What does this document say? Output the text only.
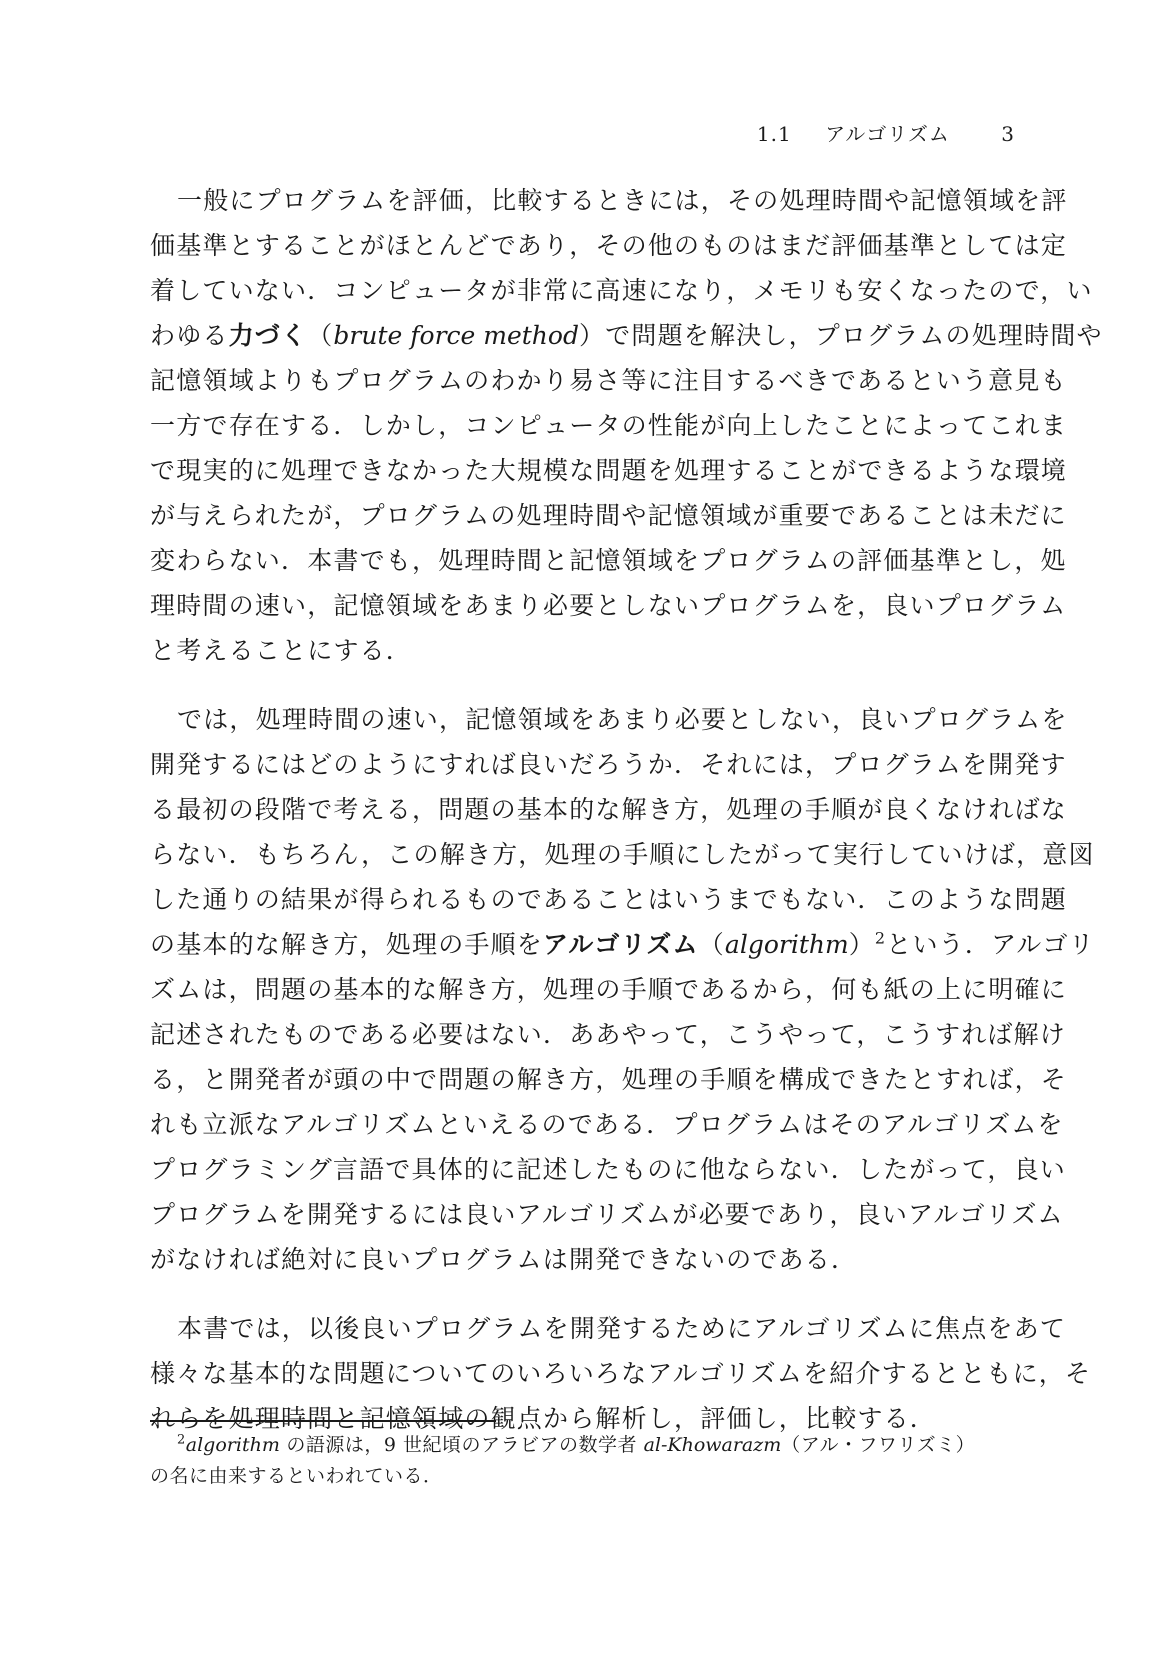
1.1 アルゴリズム	3
一般にプログラムを評価，比較するときには，その処理時間や記憶領域を評
価基準とすることがほとんどであり，その他のものはまだ評価基準としては定
着していない．コンピュータが非常に高速になり，メモリも安くなったので，い
わゆる力づく（brute force method）で問題を解決し，プログラムの処理時間や
記憶領域よりもプログラムのわかり易さ等に注目するべきであるという意見も
一方で存在する．しかし，コンピュータの性能が向上したことによってこれま
で現実的に処理できなかった大規模な問題を処理することができるような環境
が与えられたが，プログラムの処理時間や記憶領域が重要であることは未だに
変わらない．本書でも，処理時間と記憶領域をプログラムの評価基準とし，処
理時間の速い，記憶領域をあまり必要としないプログラムを，良いプログラム
と考えることにする．
では，処理時間の速い，記憶領域をあまり必要としない，良いプログラムを
開発するにはどのようにすれば良いだろうか．それには，プログラムを開発す
る最初の段階で考える，問題の基本的な解き方，処理の手順が良くなければな
らない．もちろん，この解き方，処理の手順にしたがって実行していけば，意図
した通りの結果が得られるものであることはいうまでもない．このような問題
の基本的な解き方，処理の手順をアルゴリズム（algorithm）$^2$という．アルゴリ
ズムは，問題の基本的な解き方，処理の手順であるから，何も紙の上に明確に
記述されたものである必要はない．ああやって，こうやって，こうすれば解け
る，と開発者が頭の中で問題の解き方，処理の手順を構成できたとすれば，そ
れも立派なアルゴリズムといえるのである．プログラムはそのアルゴリズムを
プログラミング言語で具体的に記述したものに他ならない．したがって，良い
プログラムを開発するには良いアルゴリズムが必要であり，良いアルゴリズム
がなければ絶対に良いプログラムは開発できないのである．
本書では，以後良いプログラムを開発するためにアルゴリズムに焦点をあて
様々な基本的な問題についてのいろいろなアルゴリズムを紹介するとともに，そ
れらを処理時間と記憶領域の観点から解析し，評価し，比較する．
$^2$algorithm の語源は，9 世紀頃のアラビアの数学者 al-Khowarazm（アル・フワリズミ）
の名に由来するといわれている．
